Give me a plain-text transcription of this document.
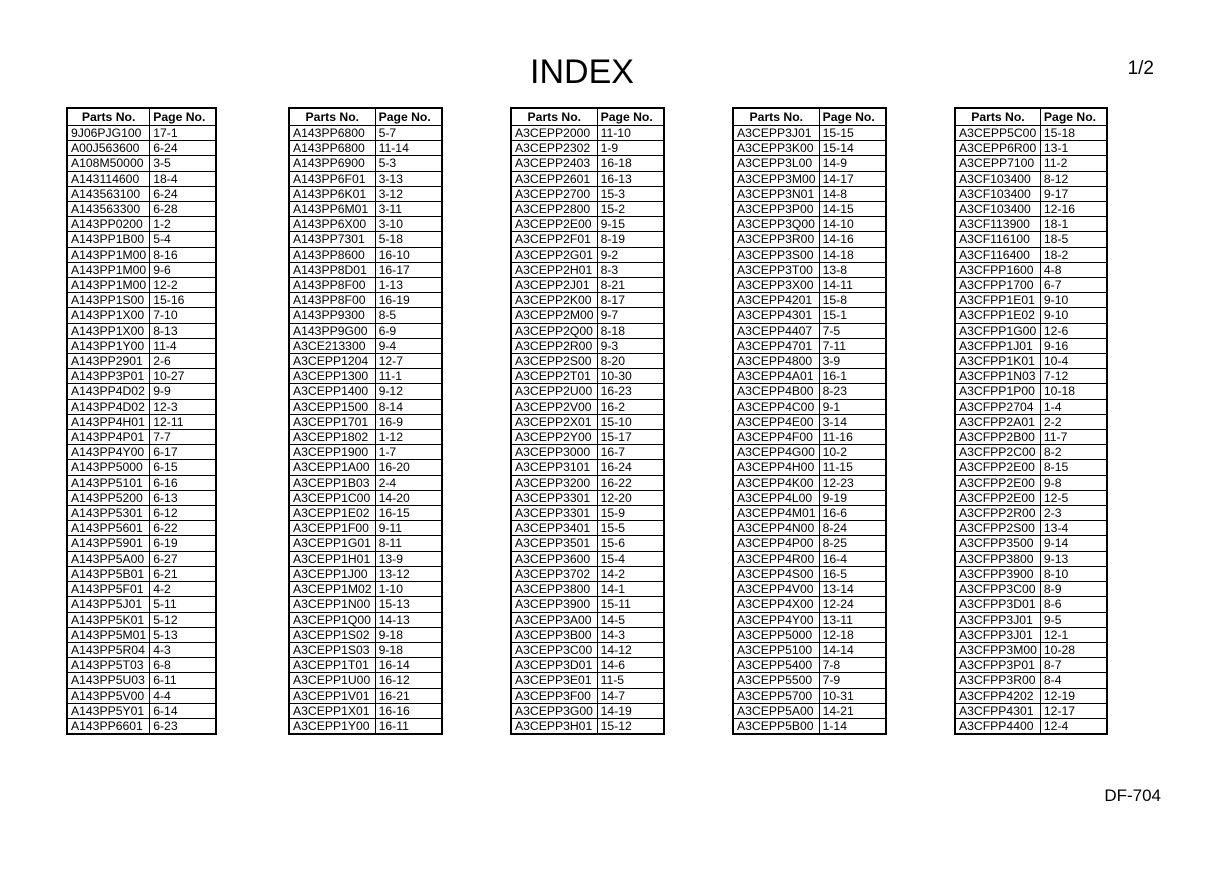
INDEX	1/2
Parts No.	Page No.
9J06PJG100	17-1
A00J563600	6-24
A108M50000	3-5
A143114600	18-4
A143563100	6-24
A143563300	6-28
A143PP0200	1-2
A143PP1B00	5-4
A143PP1M00	8-16
A143PP1M00	9-6
A143PP1M00	12-2
A143PP1S00	15-16
A143PP1X00	7-10
A143PP1X00	8-13
A143PP1Y00	11-4
A143PP2901	2-6
A143PP3P01	10-27
A143PP4D02	9-9
A143PP4D02	12-3
A143PP4H01	12-11
A143PP4P01	7-7
A143PP4Y00	6-17
A143PP5000	6-15
A143PP5101	6-16
A143PP5200	6-13
A143PP5301	6-12
A143PP5601	6-22
A143PP5901	6-19
A143PP5A00	6-27
A143PP5B01	6-21
A143PP5F01	4-2
A143PP5J01	5-11
A143PP5K01	5-12
A143PP5M01	5-13
A143PP5R04	4-3
A143PP5T03	6-8
A143PP5U03	6-11
A143PP5V00	4-4
A143PP5Y01	6-14
A143PP6601	6-23
Parts No.	Page No.
A143PP6800	5-7
A143PP6800	11-14
A143PP6900	5-3
A143PP6F01	3-13
A143PP6K01	3-12
A143PP6M01	3-11
A143PP6X00	3-10
A143PP7301	5-18
A143PP8600	16-10
A143PP8D01	16-17
A143PP8F00	1-13
A143PP8F00	16-19
A143PP9300	8-5
A143PP9G00	6-9
A3CE213300	9-4
A3CEPP1204	12-7
A3CEPP1300	11-1
A3CEPP1400	9-12
A3CEPP1500	8-14
A3CEPP1701	16-9
A3CEPP1802	1-12
A3CEPP1900	1-7
A3CEPP1A00	16-20
A3CEPP1B03	2-4
A3CEPP1C00	14-20
A3CEPP1E02	16-15
A3CEPP1F00	9-11
A3CEPP1G01	8-11
A3CEPP1H01	13-9
A3CEPP1J00	13-12
A3CEPP1M02	1-10
A3CEPP1N00	15-13
A3CEPP1Q00	14-13
A3CEPP1S02	9-18
A3CEPP1S03	9-18
A3CEPP1T01	16-14
A3CEPP1U00	16-12
A3CEPP1V01	16-21
A3CEPP1X01	16-16
A3CEPP1Y00	16-11
Parts No.	Page No.
A3CEPP2000	11-10
A3CEPP2302	1-9
A3CEPP2403	16-18
A3CEPP2601	16-13
A3CEPP2700	15-3
A3CEPP2800	15-2
A3CEPP2E00	9-15
A3CEPP2F01	8-19
A3CEPP2G01	9-2
A3CEPP2H01	8-3
A3CEPP2J01	8-21
A3CEPP2K00	8-17
A3CEPP2M00	9-7
A3CEPP2Q00	8-18
A3CEPP2R00	9-3
A3CEPP2S00	8-20
A3CEPP2T01	10-30
A3CEPP2U00	16-23
A3CEPP2V00	16-2
A3CEPP2X01	15-10
A3CEPP2Y00	15-17
A3CEPP3000	16-7
A3CEPP3101	16-24
A3CEPP3200	16-22
A3CEPP3301	12-20
A3CEPP3301	15-9
A3CEPP3401	15-5
A3CEPP3501	15-6
A3CEPP3600	15-4
A3CEPP3702	14-2
A3CEPP3800	14-1
A3CEPP3900	15-11
A3CEPP3A00	14-5
A3CEPP3B00	14-3
A3CEPP3C00	14-12
A3CEPP3D01	14-6
A3CEPP3E01	11-5
A3CEPP3F00	14-7
A3CEPP3G00	14-19
A3CEPP3H01	15-12
Parts No.	Page No.
A3CEPP3J01	15-15
A3CEPP3K00	15-14
A3CEPP3L00	14-9
A3CEPP3M00	14-17
A3CEPP3N01	14-8
A3CEPP3P00	14-15
A3CEPP3Q00	14-10
A3CEPP3R00	14-16
A3CEPP3S00	14-18
A3CEPP3T00	13-8
A3CEPP3X00	14-11
A3CEPP4201	15-8
A3CEPP4301	15-1
A3CEPP4407	7-5
A3CEPP4701	7-11
A3CEPP4800	3-9
A3CEPP4A01	16-1
A3CEPP4B00	8-23
A3CEPP4C00	9-1
A3CEPP4E00	3-14
A3CEPP4F00	11-16
A3CEPP4G00	10-2
A3CEPP4H00	11-15
A3CEPP4K00	12-23
A3CEPP4L00	9-19
A3CEPP4M01	16-6
A3CEPP4N00	8-24
A3CEPP4P00	8-25
A3CEPP4R00	16-4
A3CEPP4S00	16-5
A3CEPP4V00	13-14
A3CEPP4X00	12-24
A3CEPP4Y00	13-11
A3CEPP5000	12-18
A3CEPP5100	14-14
A3CEPP5400	7-8
A3CEPP5500	7-9
A3CEPP5700	10-31
A3CEPP5A00	14-21
A3CEPP5B00	1-14
Parts No.	Page No.
A3CEPP5C00	15-18
A3CEPP6R00	13-1
A3CEPP7100	11-2
A3CF103400	8-12
A3CF103400	9-17
A3CF103400	12-16
A3CF113900	18-1
A3CF116100	18-5
A3CF116400	18-2
A3CFPP1600	4-8
A3CFPP1700	6-7
A3CFPP1E01	9-10
A3CFPP1E02	9-10
A3CFPP1G00	12-6
A3CFPP1J01	9-16
A3CFPP1K01	10-4
A3CFPP1N03	7-12
A3CFPP1P00	10-18
A3CFPP2704	1-4
A3CFPP2A01	2-2
A3CFPP2B00	11-7
A3CFPP2C00	8-2
A3CFPP2E00	8-15
A3CFPP2E00	9-8
A3CFPP2E00	12-5
A3CFPP2R00	2-3
A3CFPP2S00	13-4
A3CFPP3500	9-14
A3CFPP3800	9-13
A3CFPP3900	8-10
A3CFPP3C00	8-9
A3CFPP3D01	8-6
A3CFPP3J01	9-5
A3CFPP3J01	12-1
A3CFPP3M00	10-28
A3CFPP3P01	8-7
A3CFPP3R00	8-4
A3CFPP4202	12-19
A3CFPP4301	12-17
A3CFPP4400	12-4
DF-704
